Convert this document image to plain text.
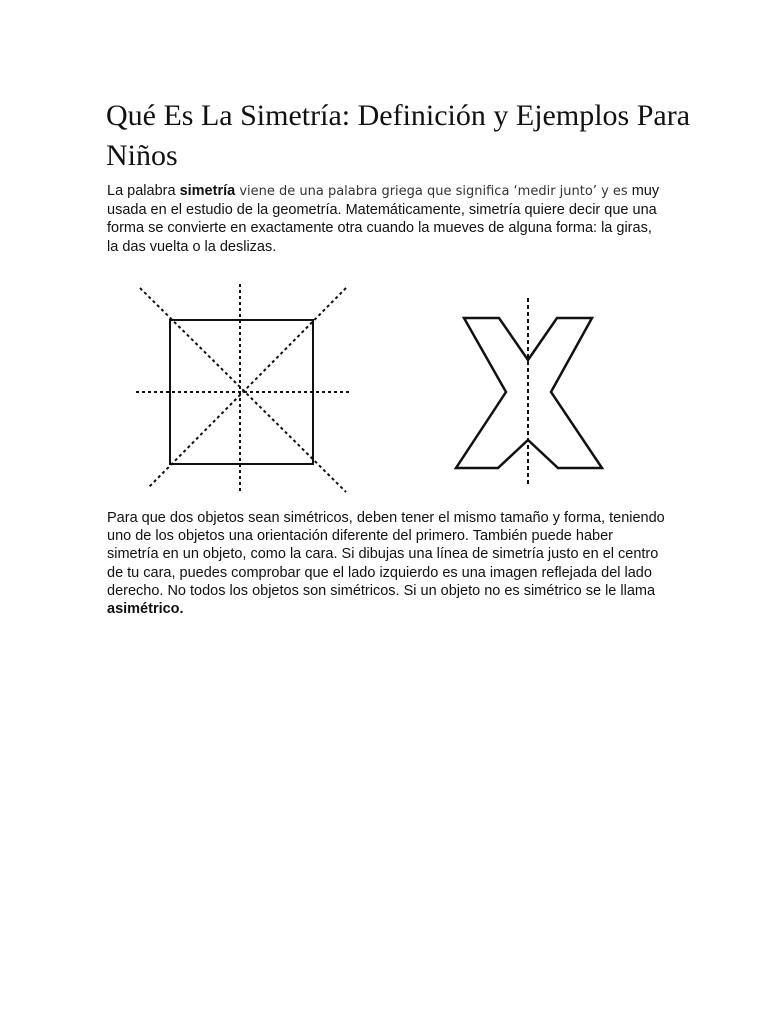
Qué Es La Simetría: Definición y Ejemplos Para Niños

La palabra simetría viene de una palabra griega que significa ‘medir junto’ y es muy usada en el estudio de la geometría. Matemáticamente, simetría quiere decir que una forma se convierte en exactamente otra cuando la mueves de alguna forma: la giras, la das vuelta o la deslizas.

Para que dos objetos sean simétricos, deben tener el mismo tamaño y forma, teniendo uno de los objetos una orientación diferente del primero. También puede haber simetría en un objeto, como la cara. Si dibujas una línea de simetría justo en el centro de tu cara, puedes comprobar que el lado izquierdo es una imagen reflejada del lado derecho. No todos los objetos son simétricos. Si un objeto no es simétrico se le llama asimétrico.
